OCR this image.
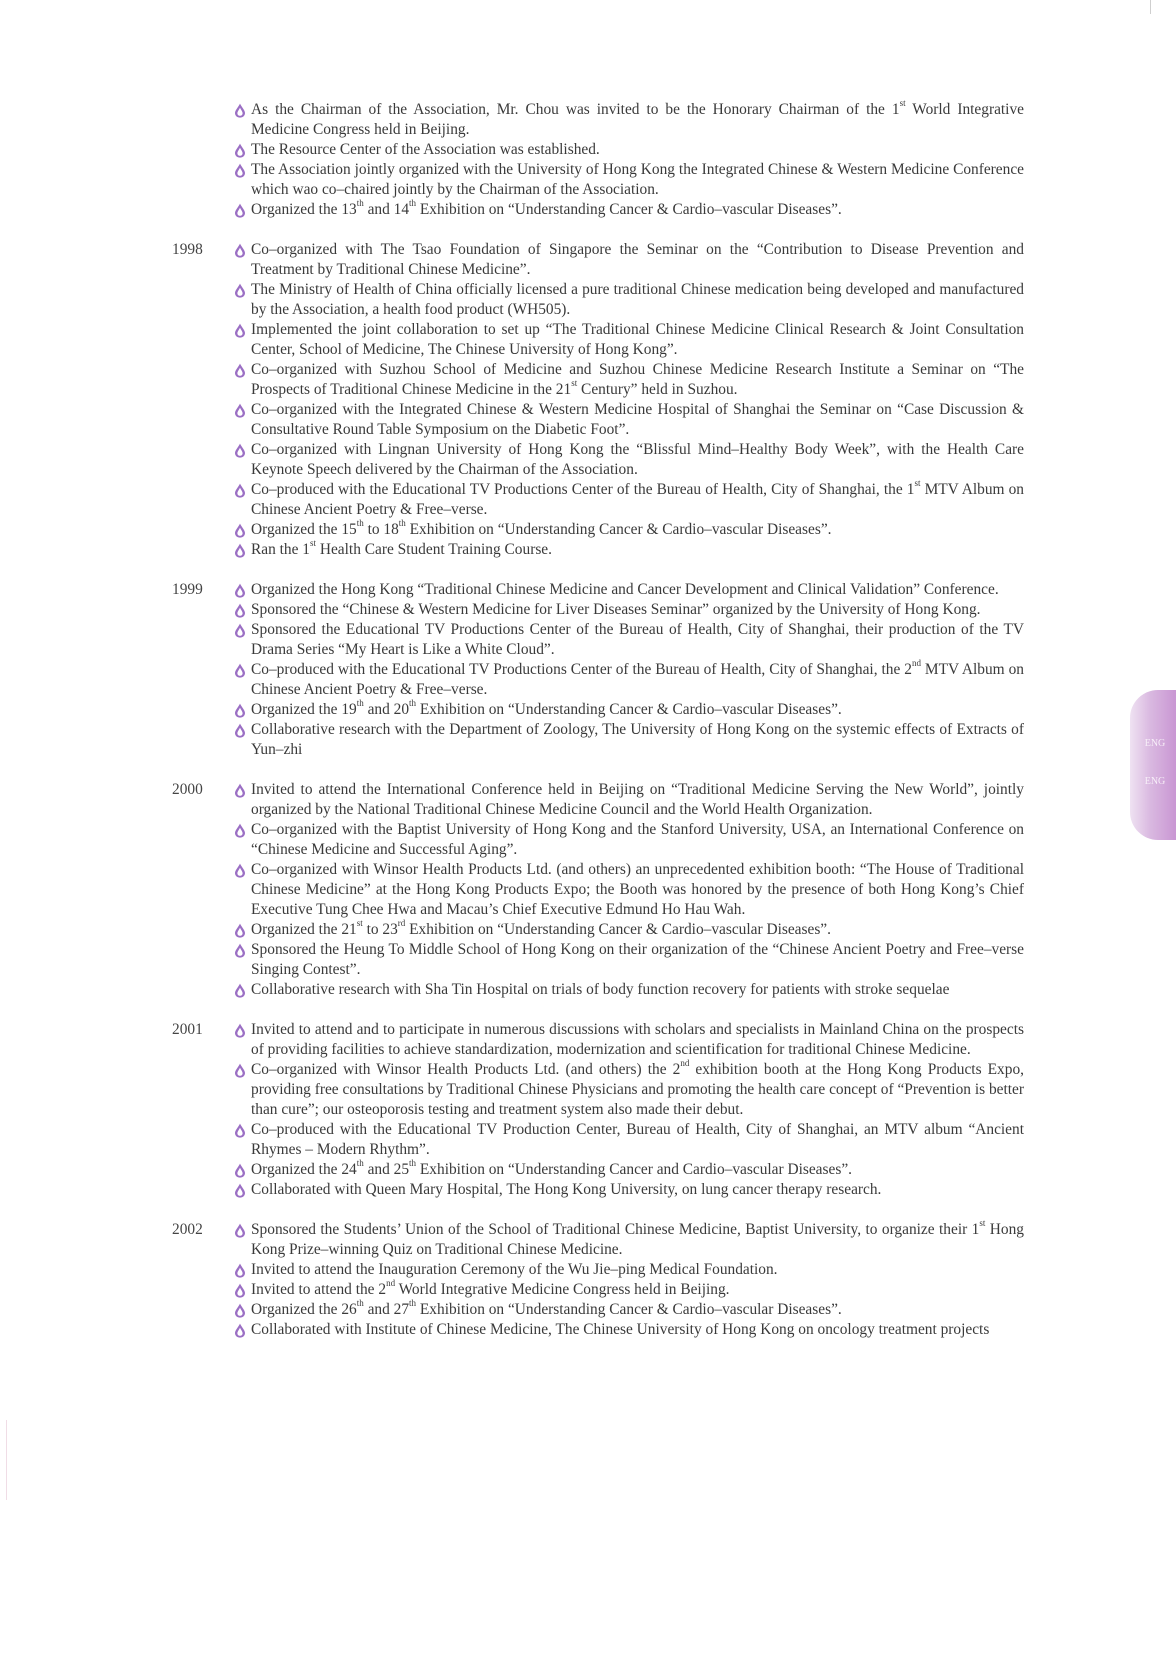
As the Chairman of the Association, Mr. Chou was invited to be the Honorary Chairman of the 1st World Integrative Medicine Congress held in Beijing.
The Resource Center of the Association was established.
The Association jointly organized with the University of Hong Kong the Integrated Chinese & Western Medicine Conference which wao co–chaired jointly by the Chairman of the Association.
Organized the 13th and 14th Exhibition on “Understanding Cancer & Cardio–vascular Diseases”.
1998	Co–organized with The Tsao Foundation of Singapore the Seminar on the “Contribution to Disease Prevention and Treatment by Traditional Chinese Medicine”.
The Ministry of Health of China officially licensed a pure traditional Chinese medication being developed and manufactured by the Association, a health food product (WH505).
Implemented the joint collaboration to set up “The Traditional Chinese Medicine Clinical Research & Joint Consultation Center, School of Medicine, The Chinese University of Hong Kong”.
Co–organized with Suzhou School of Medicine and Suzhou Chinese Medicine Research Institute a Seminar on “The Prospects of Traditional Chinese Medicine in the 21st Century” held in Suzhou.
Co–organized with the Integrated Chinese & Western Medicine Hospital of Shanghai the Seminar on “Case Discussion & Consultative Round Table Symposium on the Diabetic Foot”.
Co–organized with Lingnan University of Hong Kong the “Blissful Mind–Healthy Body Week”, with the Health Care Keynote Speech delivered by the Chairman of the Association.
Co–produced with the Educational TV Productions Center of the Bureau of Health, City of Shanghai, the 1st MTV Album on Chinese Ancient Poetry & Free–verse.
Organized the 15th to 18th Exhibition on “Understanding Cancer & Cardio–vascular Diseases”.
Ran the 1st Health Care Student Training Course.
1999	Organized the Hong Kong “Traditional Chinese Medicine and Cancer Development and Clinical Validation” Conference.
Sponsored the “Chinese & Western Medicine for Liver Diseases Seminar” organized by the University of Hong Kong.
Sponsored the Educational TV Productions Center of the Bureau of Health, City of Shanghai, their production of the TV Drama Series “My Heart is Like a White Cloud”.
Co–produced with the Educational TV Productions Center of the Bureau of Health, City of Shanghai, the 2nd MTV Album on Chinese Ancient Poetry & Free–verse.
Organized the 19th and 20th Exhibition on “Understanding Cancer & Cardio–vascular Diseases”.
Collaborative research with the Department of Zoology, The University of Hong Kong on the systemic effects of Extracts of Yun–zhi
2000	Invited to attend the International Conference held in Beijing on “Traditional Medicine Serving the New World”, jointly organized by the National Traditional Chinese Medicine Council and the World Health Organization.
Co–organized with the Baptist University of Hong Kong and the Stanford University, USA, an International Conference on “Chinese Medicine and Successful Aging”.
Co–organized with Winsor Health Products Ltd. (and others) an unprecedented exhibition booth: “The House of Traditional Chinese Medicine” at the Hong Kong Products Expo; the Booth was honored by the presence of both Hong Kong’s Chief Executive Tung Chee Hwa and Macau’s Chief Executive Edmund Ho Hau Wah.
Organized the 21st to 23rd Exhibition on “Understanding Cancer & Cardio–vascular Diseases”.
Sponsored the Heung To Middle School of Hong Kong on their organization of the “Chinese Ancient Poetry and Free–verse Singing Contest”.
Collaborative research with Sha Tin Hospital on trials of body function recovery for patients with stroke sequelae
2001	Invited to attend and to participate in numerous discussions with scholars and specialists in Mainland China on the prospects of providing facilities to achieve standardization, modernization and scientification for traditional Chinese Medicine.
Co–organized with Winsor Health Products Ltd. (and others) the 2nd exhibition booth at the Hong Kong Products Expo, providing free consultations by Traditional Chinese Physicians and promoting the health care concept of “Prevention is better than cure”; our osteoporosis testing and treatment system also made their debut.
Co–produced with the Educational TV Production Center, Bureau of Health, City of Shanghai, an MTV album “Ancient Rhymes – Modern Rhythm”.
Organized the 24th and 25th Exhibition on “Understanding Cancer and Cardio–vascular Diseases”.
Collaborated with Queen Mary Hospital, The Hong Kong University, on lung cancer therapy research.
2002	Sponsored the Students’ Union of the School of Traditional Chinese Medicine, Baptist University, to organize their 1st Hong Kong Prize–winning Quiz on Traditional Chinese Medicine.
Invited to attend the Inauguration Ceremony of the Wu Jie–ping Medical Foundation.
Invited to attend the 2nd World Integrative Medicine Congress held in Beijing.
Organized the 26th and 27th Exhibition on “Understanding Cancer & Cardio–vascular Diseases”.
Collaborated with Institute of Chinese Medicine, The Chinese University of Hong Kong on oncology treatment projects
ENG
ENG
